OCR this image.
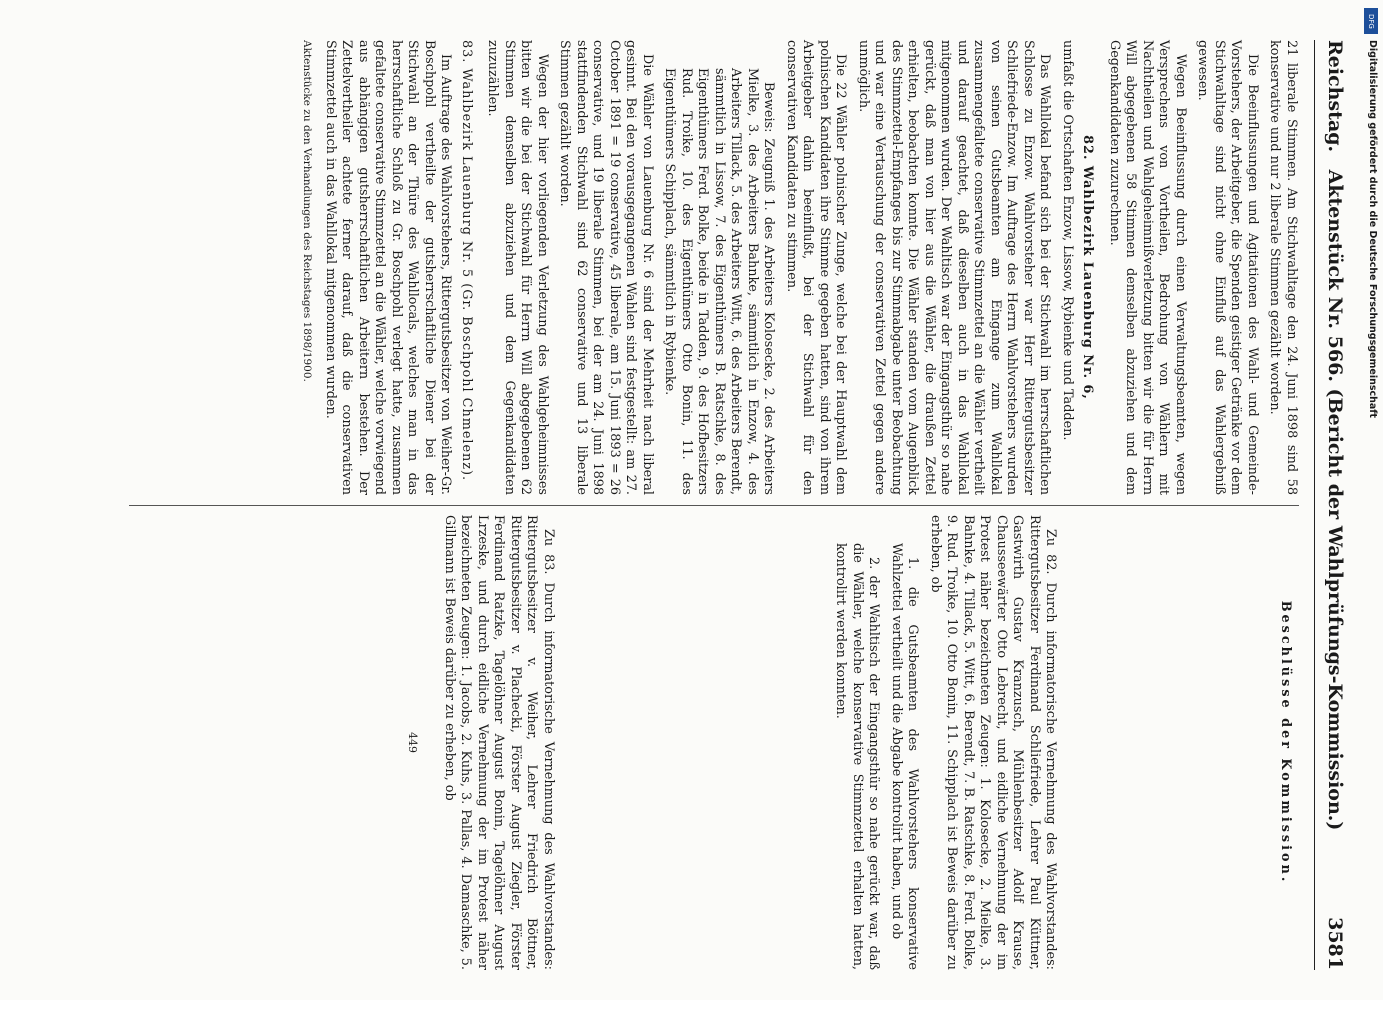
Reichstag.
Aktenstück Nr. 566. (Bericht der Wahlprüfungs-Kommission.)
3581
21 liberale Stimmen. Am Stichwahltage den 24. Juni 1898 sind 58 konservative und nur 2 liberale Stimmen gezählt worden.
Die Beeinflussungen und Agitationen des Wahl- und Gemeinde-Vorstehers, der Arbeitgeber, die Spenden geistiger Getränke vor dem Stichwahltage sind nicht ohne Einfluß auf das Wahlergebniß gewesen.
Wegen Beeinflussung durch einen Verwaltungsbeamten, wegen Versprechens von Vortheilen, Bedrohung von Wählern mit Nachtheilen und Wahlgeheimnißverletzung bitten wir die für Herrn Will abgegebenen 58 Stimmen demselben abzuziehen und dem Gegenkandidaten zuzurechnen.
82. Wahlbezirk Lauenburg Nr. 6,
umfaßt die Ortschaften Enzow, Lissow, Rybienke und Tadden.
Das Wahllokal befand sich bei der Stichwahl im herrschaftlichen Schlosse zu Enzow. Wahlvorsteher war Herr Rittergutsbesitzer Schliefriede-Enzow. Im Auftrage des Herrn Wahlvorstehers wurden von seinen Gutsbeamten am Eingange zum Wahllokal zusammengefaltete conservative Stimmzettel an die Wähler vertheilt und darauf geachtet, daß dieselben auch in das Wahllokal mitgenommen wurden. Der Wahltisch war der Eingangsthür so nahe gerückt, daß man von hier aus die Wähler, die draußen Zettel erhielten, beobachten konnte. Die Wähler standen vom Augenblick des Stimmzettel-Empfanges bis zur Stimmabgabe unter Beobachtung und war eine Vertauschung der conservativen Zettel gegen andere unmöglich.
Die 22 Wähler polnischer Zunge, welche bei der Hauptwahl dem polnischen Kandidaten ihre Stimme gegeben hatten, sind von ihrem Arbeitgeber dahin beeinflußt, bei der Stichwahl für den conservativen Kandidaten zu stimmen.
Beweis: Zeugniß 1. des Arbeiters Kolosecke, 2. des Arbeiters Mielke, 3. des Arbeiters Bahnke, sämmtlich in Enzow, 4. des Arbeiters Tillack, 5. des Arbeiters Witt, 6. des Arbeiters Berendt, sämmtlich in Lissow, 7. des Eigenthümers B. Ratschke, 8. des Eigenthümers Ferd. Bolke, beide in Tadden, 9. des Hofbesitzers Rud. Troike, 10. des Eigenthümers Otto Bonin, 11. des Eigenthümers Schipplach, sämmtlich in Rybienke.
Die Wähler von Lauenburg Nr. 6 sind der Mehrheit nach liberal gesinnt. Bei den vorausgegangenen Wahlen sind festgestellt: am 27. October 1891 = 19 conservative, 45 liberale, am 15. Juni 1893 = 26 conservative, und 19 liberale Stimmen, bei der am 24. Juni 1898 stattfindenden Stichwahl sind 62 conservative und 13 liberale Stimmen gezählt worden.
Wegen der hier vorliegenden Verletzung des Wahlgeheimnisses bitten wir die bei der Stichwahl für Herrn Will abgegebenen 62 Stimmen demselben abzuziehen und dem Gegenkandidaten zuzuzählen.
83. Wahlbezirk Lauenburg Nr. 5 (Gr. Boschpohl Chmelenz).
Im Auftrage des Wahlvorstehers, Rittergutsbesitzer von Weiher-Gr. Boschpohl vertheilte der gutsherrschaftliche Diener bei der Stichwahl an der Thüre des Wahllocals, welches man in das herrschaftliche Schloß zu Gr. Boschpohl verlegt hatte, zusammen gefaltete conservative Stimmzettel an die Wähler, welche vorwiegend aus abhängigen gutsherrschaftlichen Arbeitern bestehen. Der Zettelvertheiler achtete ferner darauf, daß die conservativen Stimmzettel auch in das Wahllokal mitgenommen wurden.
Aktenstücke zu den Verhandlungen des Reichstages 1898/1900.
Beschlüsse der Kommission.
Zu 82. Durch informatorische Vernehmung des Wahlvorstandes: Rittergutsbesitzer Ferdinand Schliefriede, Lehrer Paul Küttner, Gastwirth Gustav Kranzusch, Mühlenbesitzer Adolf Krause, Chausseewärter Otto Lebrecht, und eidliche Vernehmung der im Protest näher bezeichneten Zeugen: 1. Kolosecke, 2. Mielke, 3. Bahnke, 4. Tillack, 5. Witt, 6. Berendt, 7. B. Ratschke, 8. Ferd. Bolke, 9. Rud. Troike, 10. Otto Bonin, 11. Schipplach ist Beweis darüber zu erheben, ob
1. die Gutsbeamten des Wahlvorstehers konservative Wahlzettel vertheilt und die Abgabe kontrolirt haben, und ob
2. der Wahltisch der Eingangsthür so nahe gerückt war, daß die Wähler, welche konservative Stimmzettel erhalten hatten, kontrolirt werden konnten.
Zu 83. Durch informatorische Vernehmung des Wahlvorstandes: Rittergutsbesitzer v. Weiher, Lehrer Friedrich Böttner, Rittergutsbesitzer v. Plachecki, Förster August Ziegler, Förster Ferdinand Ratzke, Tagelöhner August Bonin, Tagelöhner August Lrzeske, und durch eidliche Vernehmung der im Protest näher bezeichneten Zeugen: 1. Jacobs, 2. Kuhs, 3. Pallas, 4. Damaschke, 5. Gillmann ist Beweis darüber zu erheben, ob
449
DFG
Digitalisierung gefördert durch die Deutsche Forschungsgemeinschaft
